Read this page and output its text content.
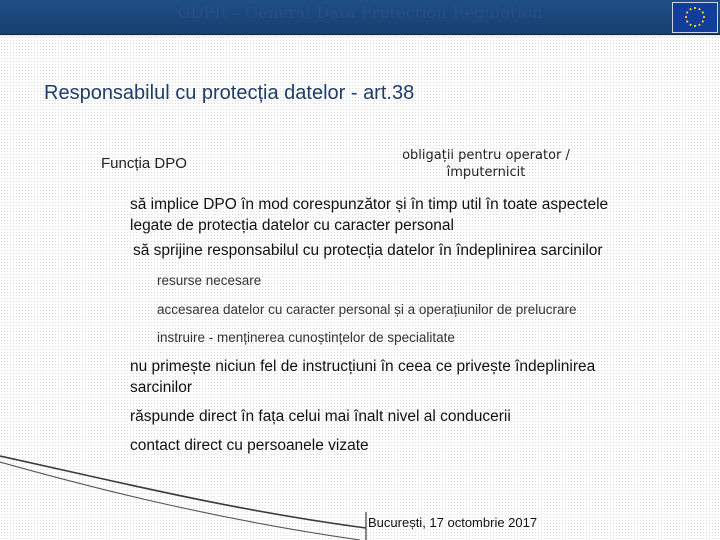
GDPR – General Data Protection Regulation
Responsabilul cu protecția datelor - art.38
Funcția DPO	obligații pentru operator /
împuternicit
să implice DPO în mod corespunzător și în timp util în toate aspectele
legate de protecția datelor cu caracter personal
să sprijine responsabilul cu protecția datelor în îndeplinirea sarcinilor
resurse necesare
accesarea datelor cu caracter personal și a operațiunilor de prelucrare
instruire - menținerea cunoștințelor de specialitate
nu primește niciun fel de instrucțiuni în ceea ce privește îndeplinirea
sarcinilor
răspunde direct în fața celui mai înalt nivel al conducerii
contact direct cu persoanele vizate
București, 17 octombrie 2017
